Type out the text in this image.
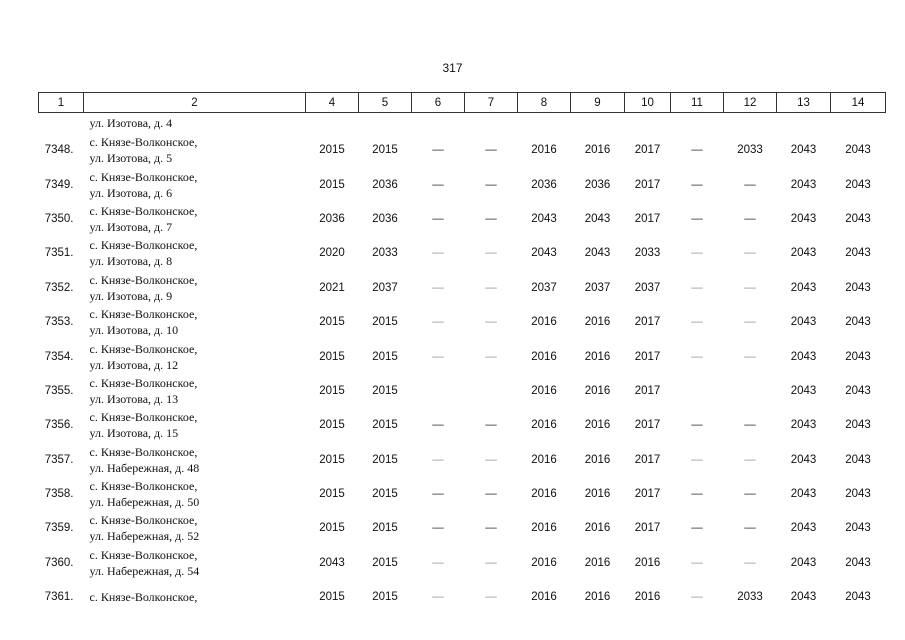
317
1	2	4	5	6	7	8	9	10	11	12	13	14

	ул. Изотова, д. 4											

7348.	с. Князе-Волконское,
ул. Изотова, д. 5	2015	2015	—	—	2016	2016	2017	—	2033	2043	2043
7349.	с. Князе-Волконское,
ул. Изотова, д. 6	2015	2036	—	—	2036	2036	2017	—	—	2043	2043
7350.	с. Князе-Волконское,
ул. Изотова, д. 7	2036	2036	—	—	2043	2043	2017	—	—	2043	2043
7351.	с. Князе-Волконское,
ул. Изотова, д. 8	2020	2033	—	—	2043	2043	2033	—	—	2043	2043
7352.	с. Князе-Волконское,
ул. Изотова, д. 9	2021	2037	—	—	2037	2037	2037	—	—	2043	2043
7353.	с. Князе-Волконское,
ул. Изотова, д. 10	2015	2015	—	—	2016	2016	2017	—	—	2043	2043
7354.	с. Князе-Волконское,
ул. Изотова, д. 12	2015	2015	—	—	2016	2016	2017	—	—	2043	2043
7355.	с. Князе-Волконское,
ул. Изотова, д. 13	2015	2015			2016	2016	2017			2043	2043
7356.	с. Князе-Волконское,
ул. Изотова, д. 15	2015	2015	—	—	2016	2016	2017	—	—	2043	2043
7357.	с. Князе-Волконское,
ул. Набережная, д. 48	2015	2015	—	—	2016	2016	2017	—	—	2043	2043
7358.	с. Князе-Волконское,
ул. Набережная, д. 50	2015	2015	—	—	2016	2016	2017	—	—	2043	2043
7359.	с. Князе-Волконское,
ул. Набережная, д. 52	2015	2015	—	—	2016	2016	2017	—	—	2043	2043
7360.	с. Князе-Волконское,
ул. Набережная, д. 54	2043	2015	—	—	2016	2016	2016	—	—	2043	2043
7361.	с. Князе-Волконское,	2015	2015	—	—	2016	2016	2016	—	2033	2043	2043
